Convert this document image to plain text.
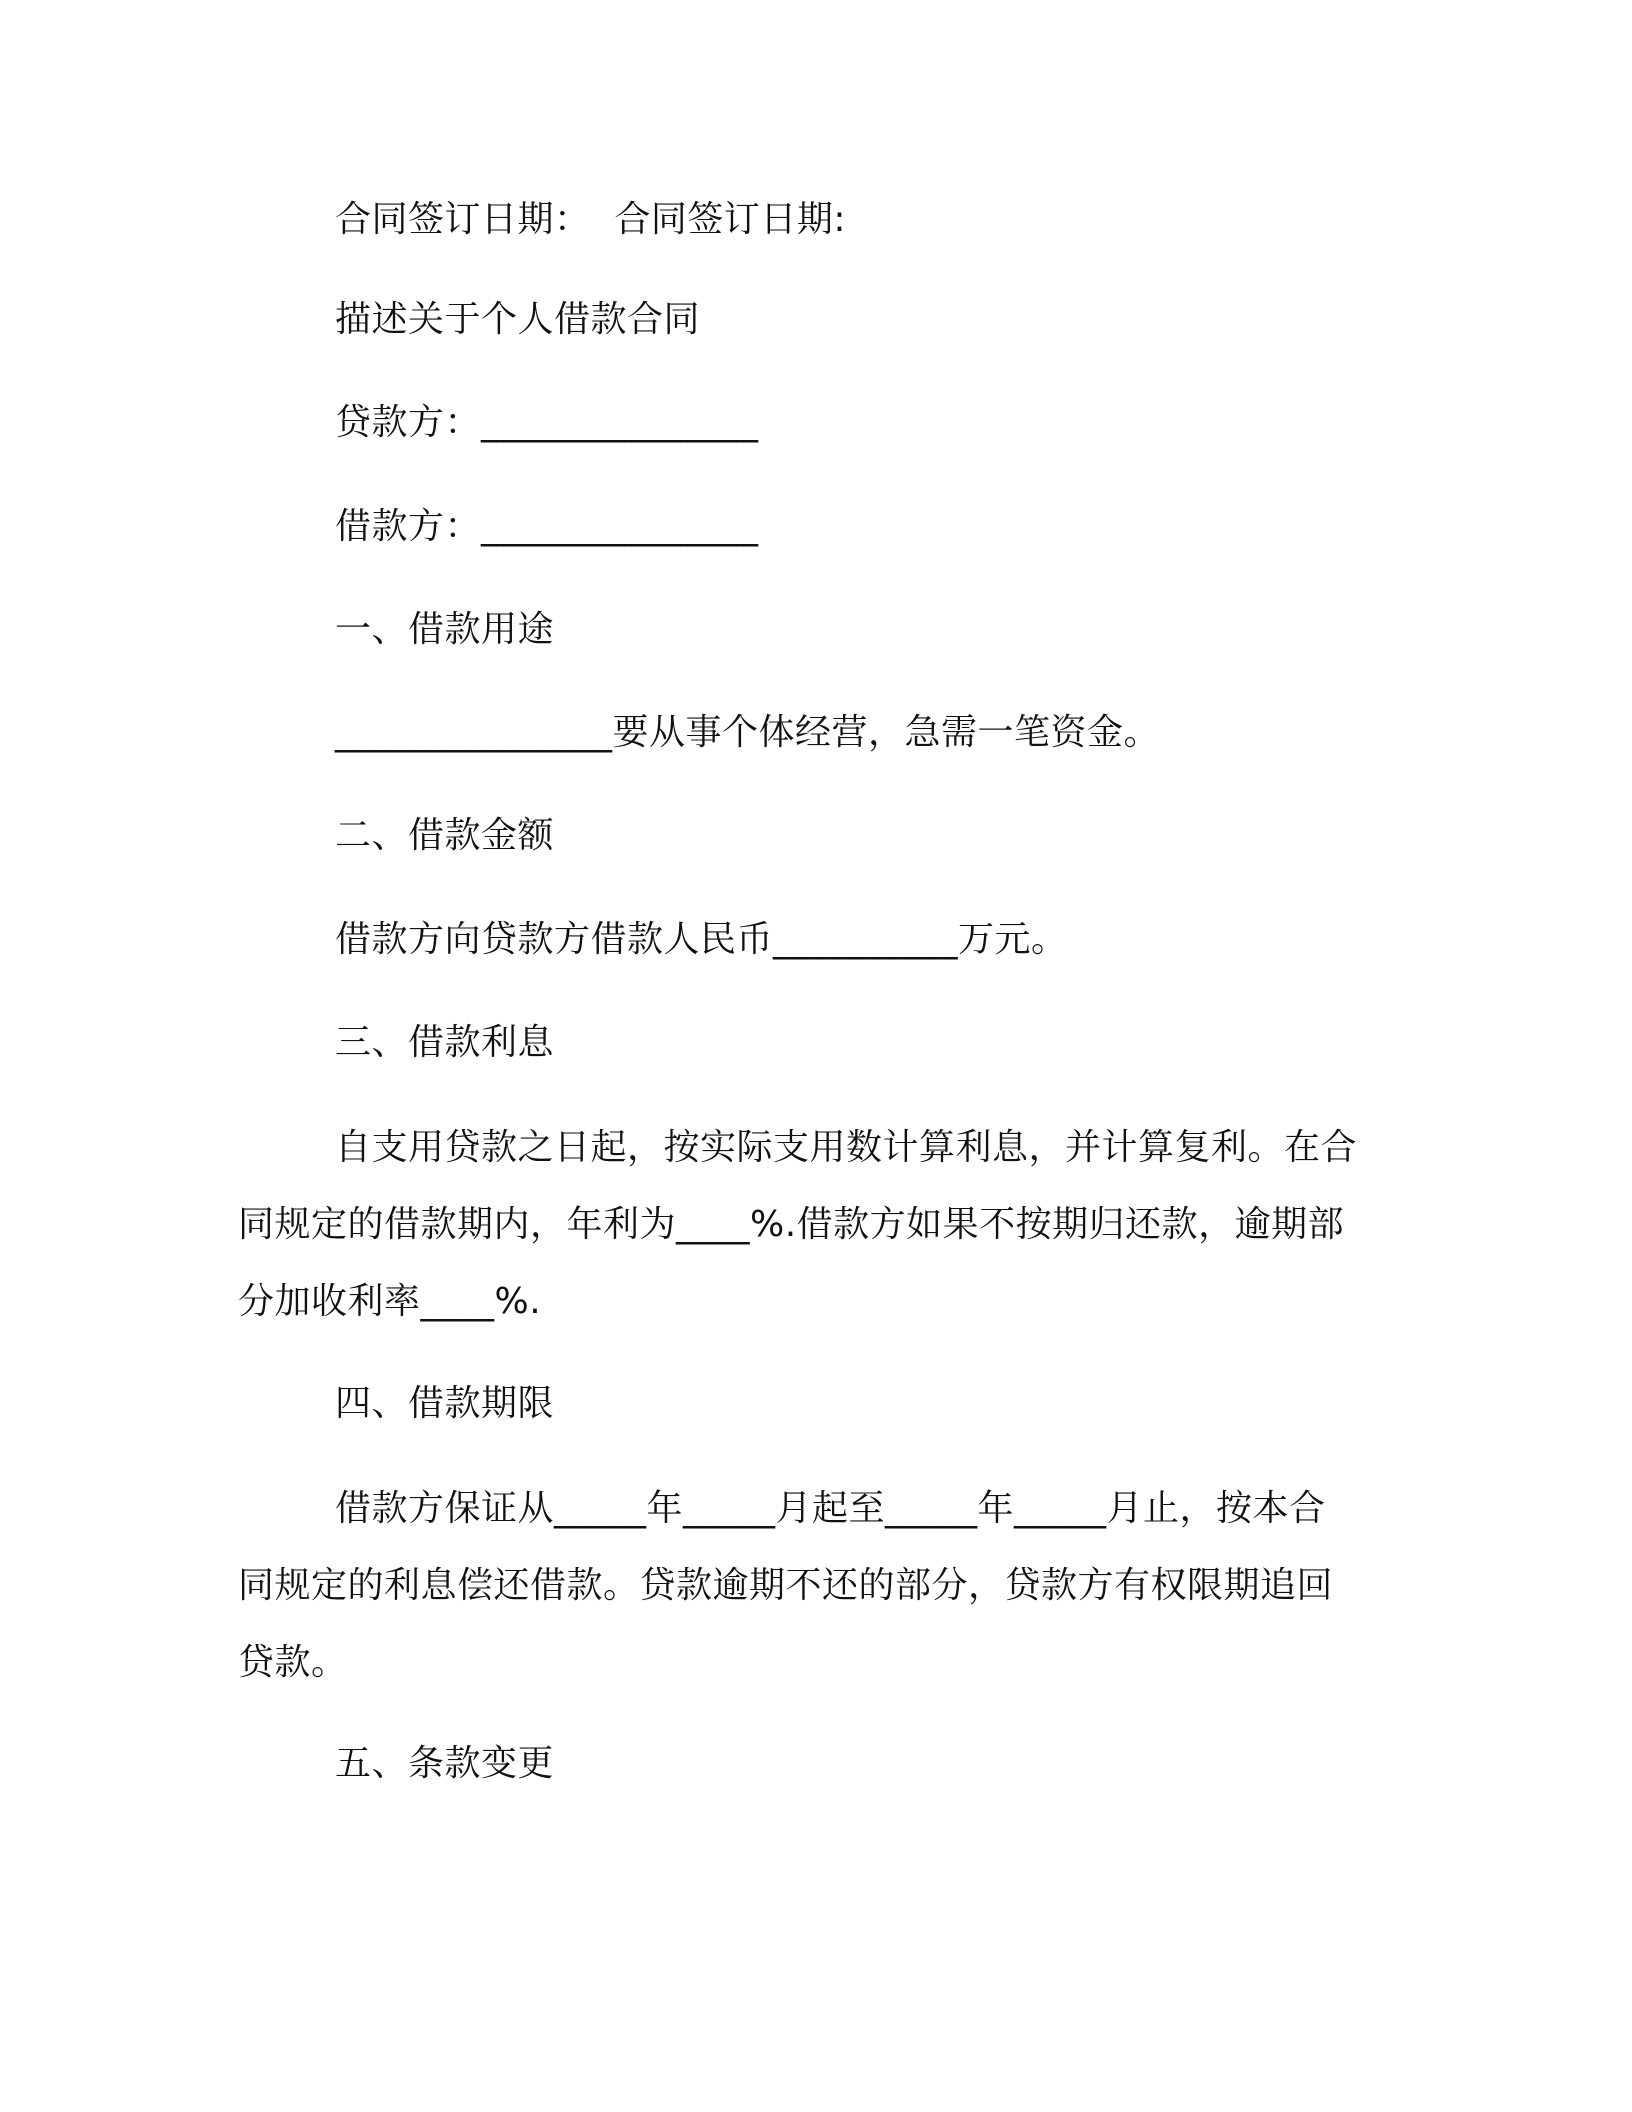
合同签订日期：  合同签订日期:
描述关于个人借款合同
贷款方：_______________
借款方：_______________
一、借款用途
_______________要从事个体经营，急需一笔资金。
二、借款金额
借款方向贷款方借款人民币__________万元。
三、借款利息
自支用贷款之日起，按实际支用数计算利息，并计算复利。在合
同规定的借款期内，年利为____%.借款方如果不按期归还款，逾期部
分加收利率____%.
四、借款期限
借款方保证从_____年_____月起至_____年_____月止，按本合
同规定的利息偿还借款。贷款逾期不还的部分，贷款方有权限期追回
贷款。
五、条款变更
